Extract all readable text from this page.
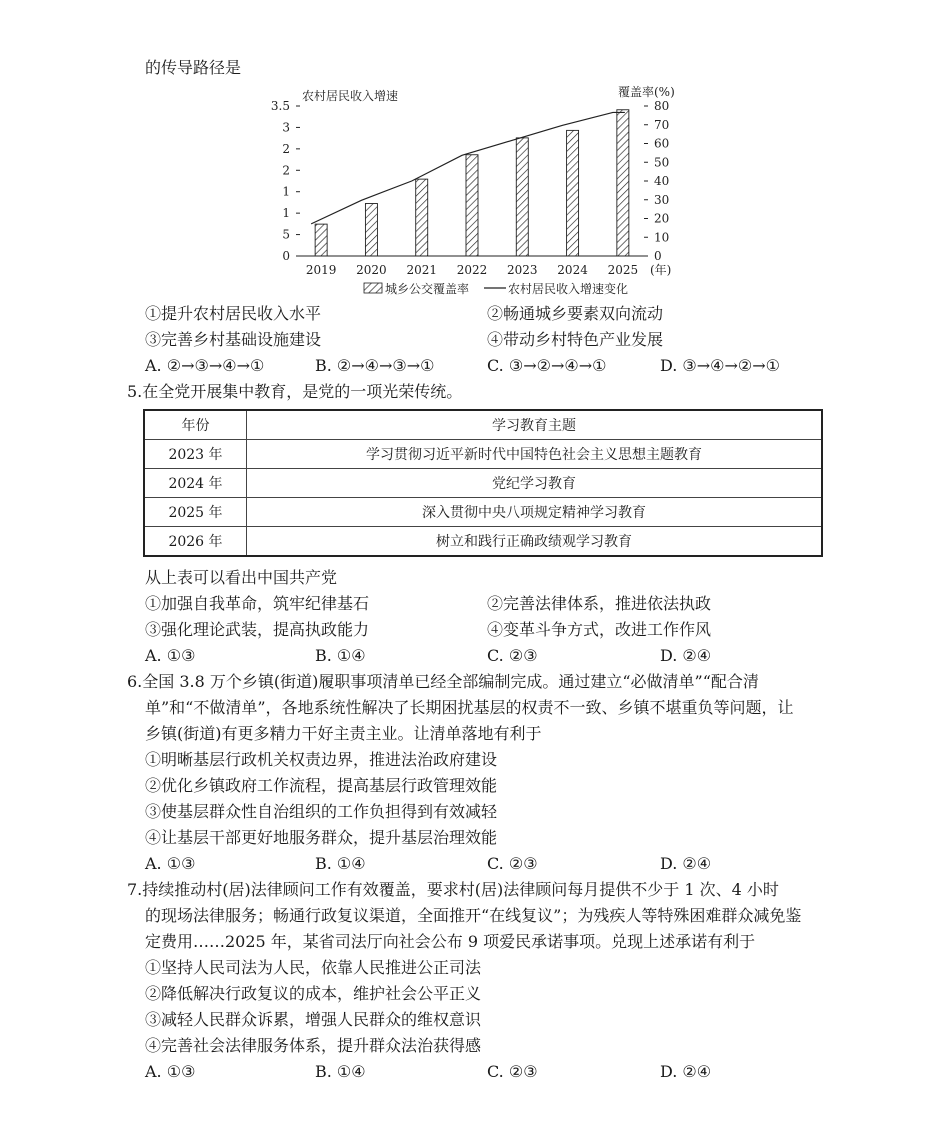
的传导路径是
农村居民收入增速	覆盖率(%)
0
5
1
1
2
2
3
3.5
0
10
20
30
40
50
60
70
80
2019 2020 2021 2022 2023 2024 2025 (年)
城乡公交覆盖率	农村居民收入增速变化
①提升农村居民收入水平	②畅通城乡要素双向流动
③完善乡村基础设施建设	④带动乡村特色产业发展
A. ②→③→④→①	B. ②→④→③→①	C. ③→②→④→①	D. ③→④→②→①
5.在全党开展集中教育，是党的一项光荣传统。
年份	学习教育主题
2023 年	学习贯彻习近平新时代中国特色社会主义思想主题教育
2024 年	党纪学习教育
2025 年	深入贯彻中央八项规定精神学习教育
2026 年	树立和践行正确政绩观学习教育
从上表可以看出中国共产党
①加强自我革命，筑牢纪律基石	②完善法律体系，推进依法执政
③强化理论武装，提高执政能力	④变革斗争方式，改进工作作风
A. ①③	B. ①④	C. ②③	D. ②④
6.全国 3.8 万个乡镇(街道)履职事项清单已经全部编制完成。通过建立“必做清单”“配合清
单”和“不做清单”，各地系统性解决了长期困扰基层的权责不一致、乡镇不堪重负等问题，让
乡镇(街道)有更多精力干好主责主业。让清单落地有利于
①明晰基层行政机关权责边界，推进法治政府建设
②优化乡镇政府工作流程，提高基层行政管理效能
③使基层群众性自治组织的工作负担得到有效减轻
④让基层干部更好地服务群众，提升基层治理效能
A. ①③	B. ①④	C. ②③	D. ②④
7.持续推动村(居)法律顾问工作有效覆盖，要求村(居)法律顾问每月提供不少于 1 次、4 小时
的现场法律服务；畅通行政复议渠道，全面推开“在线复议”；为残疾人等特殊困难群众减免鉴
定费用……2025 年，某省司法厅向社会公布 9 项爱民承诺事项。兑现上述承诺有利于
①坚持人民司法为人民，依靠人民推进公正司法
②降低解决行政复议的成本，维护社会公平正义
③减轻人民群众诉累，增强人民群众的维权意识
④完善社会法律服务体系，提升群众法治获得感
A. ①③	B. ①④	C. ②③	D. ②④
